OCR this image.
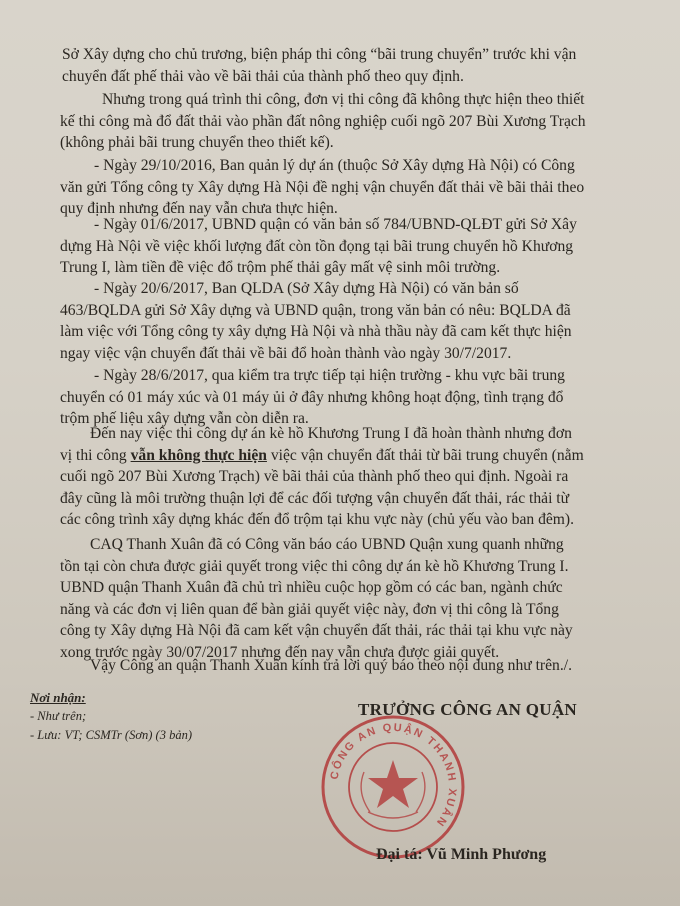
Sở Xây dựng cho chủ trương, biện pháp thi công “bãi trung chuyển” trước khi vận
chuyển đất phế thải vào về bãi thải của thành phố theo quy định.
Nhưng trong quá trình thi công, đơn vị thi công đã không thực hiện theo thiết
kế thi công mà đổ đất thải vào phần đất nông nghiệp cuối ngõ 207 Bùi Xương Trạch
(không phải bãi trung chuyển theo thiết kế).
- Ngày 29/10/2016, Ban quản lý dự án (thuộc Sở Xây dựng Hà Nội) có Công
văn gửi Tổng công ty Xây dựng Hà Nội đề nghị vận chuyển đất thải về bãi thải theo
quy định nhưng đến nay vẫn chưa thực hiện.
- Ngày 01/6/2017, UBND quận có văn bản số 784/UBND-QLĐT gửi Sở Xây
dựng Hà Nội về việc khối lượng đất còn tồn đọng tại bãi trung chuyển hồ Khương
Trung I, làm tiền đề việc đổ trộm phế thải gây mất vệ sinh môi trường.
- Ngày 20/6/2017, Ban QLDA (Sở Xây dựng Hà Nội) có văn bản số
463/BQLDA gửi Sở Xây dựng và UBND quận, trong văn bản có nêu: BQLDA đã
làm việc với Tổng công ty xây dựng Hà Nội và nhà thầu này đã cam kết thực hiện
ngay việc vận chuyển đất thải về bãi đổ hoàn thành vào ngày 30/7/2017.
- Ngày 28/6/2017, qua kiểm tra trực tiếp tại hiện trường - khu vực bãi trung
chuyển có 01 máy xúc và 01 máy ủi ở đây nhưng không hoạt động, tình trạng đổ
trộm phế liệu xây dựng vẫn còn diễn ra.
Đến nay việc thi công dự án kè hồ Khương Trung I đã hoàn thành nhưng đơn
vị thi công vẫn không thực hiện việc vận chuyển đất thải từ bãi trung chuyển (nằm
cuối ngõ 207 Bùi Xương Trạch) về bãi thải của thành phố theo qui định. Ngoài ra
đây cũng là môi trường thuận lợi để các đối tượng vận chuyển đất thải, rác thải từ
các công trình xây dựng khác đến đổ trộm tại khu vực này (chủ yếu vào ban đêm).
CAQ Thanh Xuân đã có Công văn báo cáo UBND Quận xung quanh những
tồn tại còn chưa được giải quyết trong việc thi công dự án kè hồ Khương Trung I.
UBND quận Thanh Xuân đã chủ trì nhiều cuộc họp gồm có các ban, ngành chức
năng và các đơn vị liên quan để bàn giải quyết việc này, đơn vị thi công là Tổng
công ty Xây dựng Hà Nội đã cam kết vận chuyển đất thải, rác thải tại khu vực này
xong trước ngày 30/07/2017 nhưng đến nay vẫn chưa được giải quyết.
Vậy Công an quận Thanh Xuân kính trả lời quý báo theo nội dung như trên./.
Nơi nhận:
- Như trên;
- Lưu: VT; CSMTr (Sơn) (3 bản)
CÔNG AN QUẬN THANH XUÂN
TRƯỞNG CÔNG AN QUẬN
Đại tá: Vũ Minh Phương
